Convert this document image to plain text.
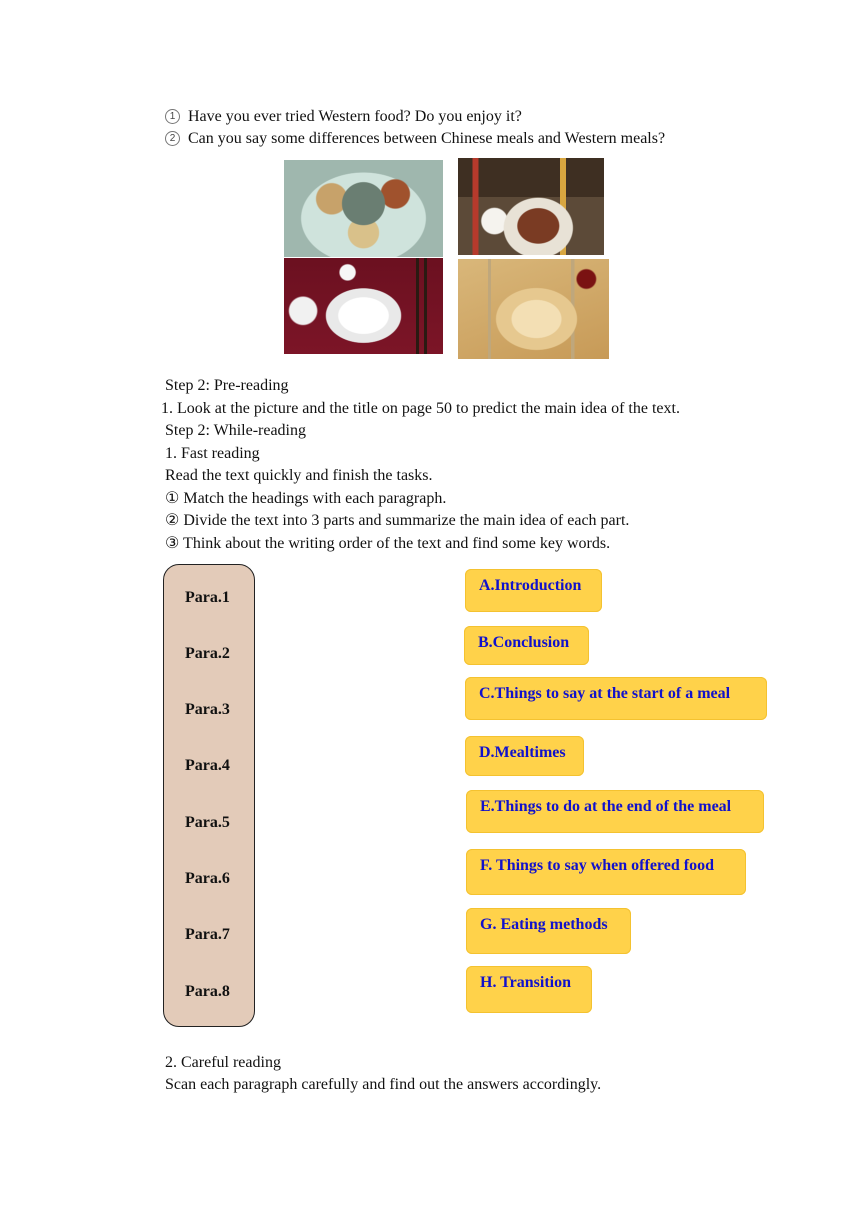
1 Have you ever tried Western food? Do you enjoy it?
2 Can you say some differences between Chinese meals and Western meals?
Step 2: Pre-reading
1. Look at the picture and the title on page 50 to predict the main idea of the text.
Step 2: While-reading
1. Fast reading
Read the text quickly and finish the tasks.
① Match the headings with each paragraph.
② Divide the text into 3 parts and summarize the main idea of each part.
③ Think about the writing order of the text and find some key words.
Para.1
Para.2
Para.3
Para.4
Para.5
Para.6
Para.7
Para.8
A.Introduction
B.Conclusion
C.Things to say at the start of a meal
D.Mealtimes
E.Things to do at the end of the meal
F. Things to say when offered food
G. Eating methods
H. Transition
2. Careful reading
Scan each paragraph carefully and find out the answers accordingly.
